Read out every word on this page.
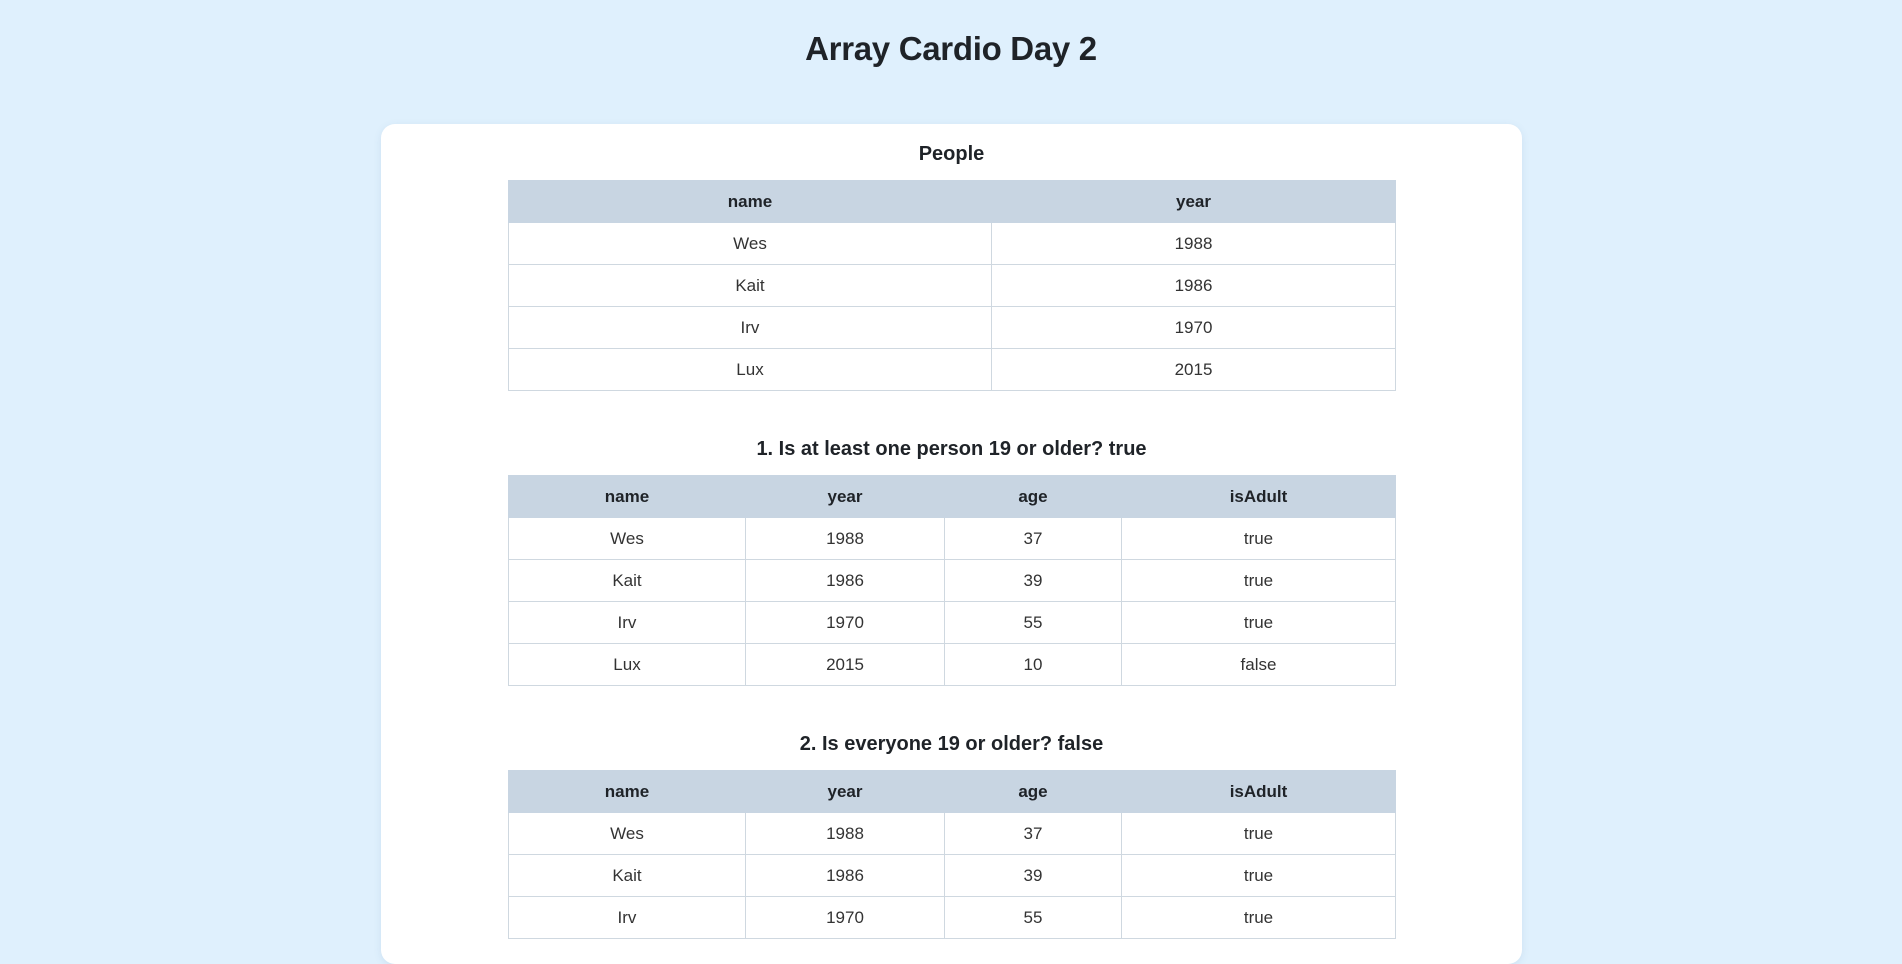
Array Cardio Day 2
People
name	year
Wes	1988
Kait	1986
Irv	1970
Lux	2015
1. Is at least one person 19 or older? true
name	year	age	isAdult
Wes	1988	37	true
Kait	1986	39	true
Irv	1970	55	true
Lux	2015	10	false
2. Is everyone 19 or older? false
name	year	age	isAdult
Wes	1988	37	true
Kait	1986	39	true
Irv	1970	55	true
